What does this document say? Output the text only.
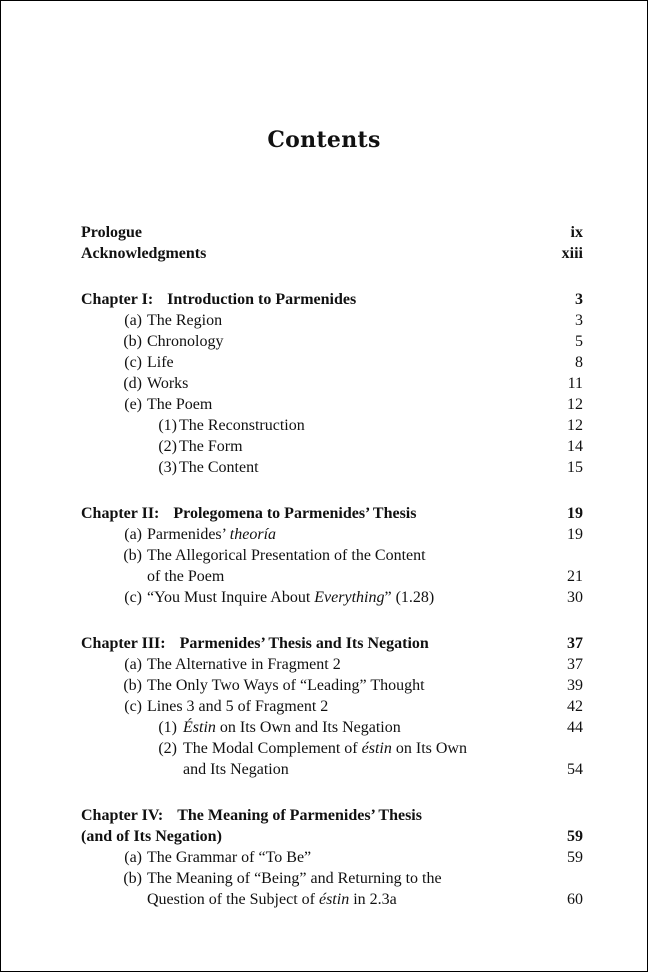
Contents
Prologue	ix
Acknowledgments	xiii
Chapter I: Introduction to Parmenides	3
(a) The Region	3
(b) Chronology	5
(c) Life	8
(d) Works	11
(e) The Poem	12
(1) The Reconstruction	12
(2) The Form	14
(3) The Content	15
Chapter II: Prolegomena to Parmenides’ Thesis	19
(a) Parmenides’ theoría	19
(b) The Allegorical Presentation of the Content
of the Poem	21
(c) “You Must Inquire About Everything” (1.28)	30
Chapter III: Parmenides’ Thesis and Its Negation	37
(a) The Alternative in Fragment 2	37
(b) The Only Two Ways of “Leading” Thought	39
(c) Lines 3 and 5 of Fragment 2	42
(1) Éstin on Its Own and Its Negation	44
(2) The Modal Complement of éstin on Its Own
and Its Negation	54
Chapter IV: The Meaning of Parmenides’ Thesis
(and of Its Negation)	59
(a) The Grammar of “To Be”	59
(b) The Meaning of “Being” and Returning to the
Question of the Subject of éstin in 2.3a	60
